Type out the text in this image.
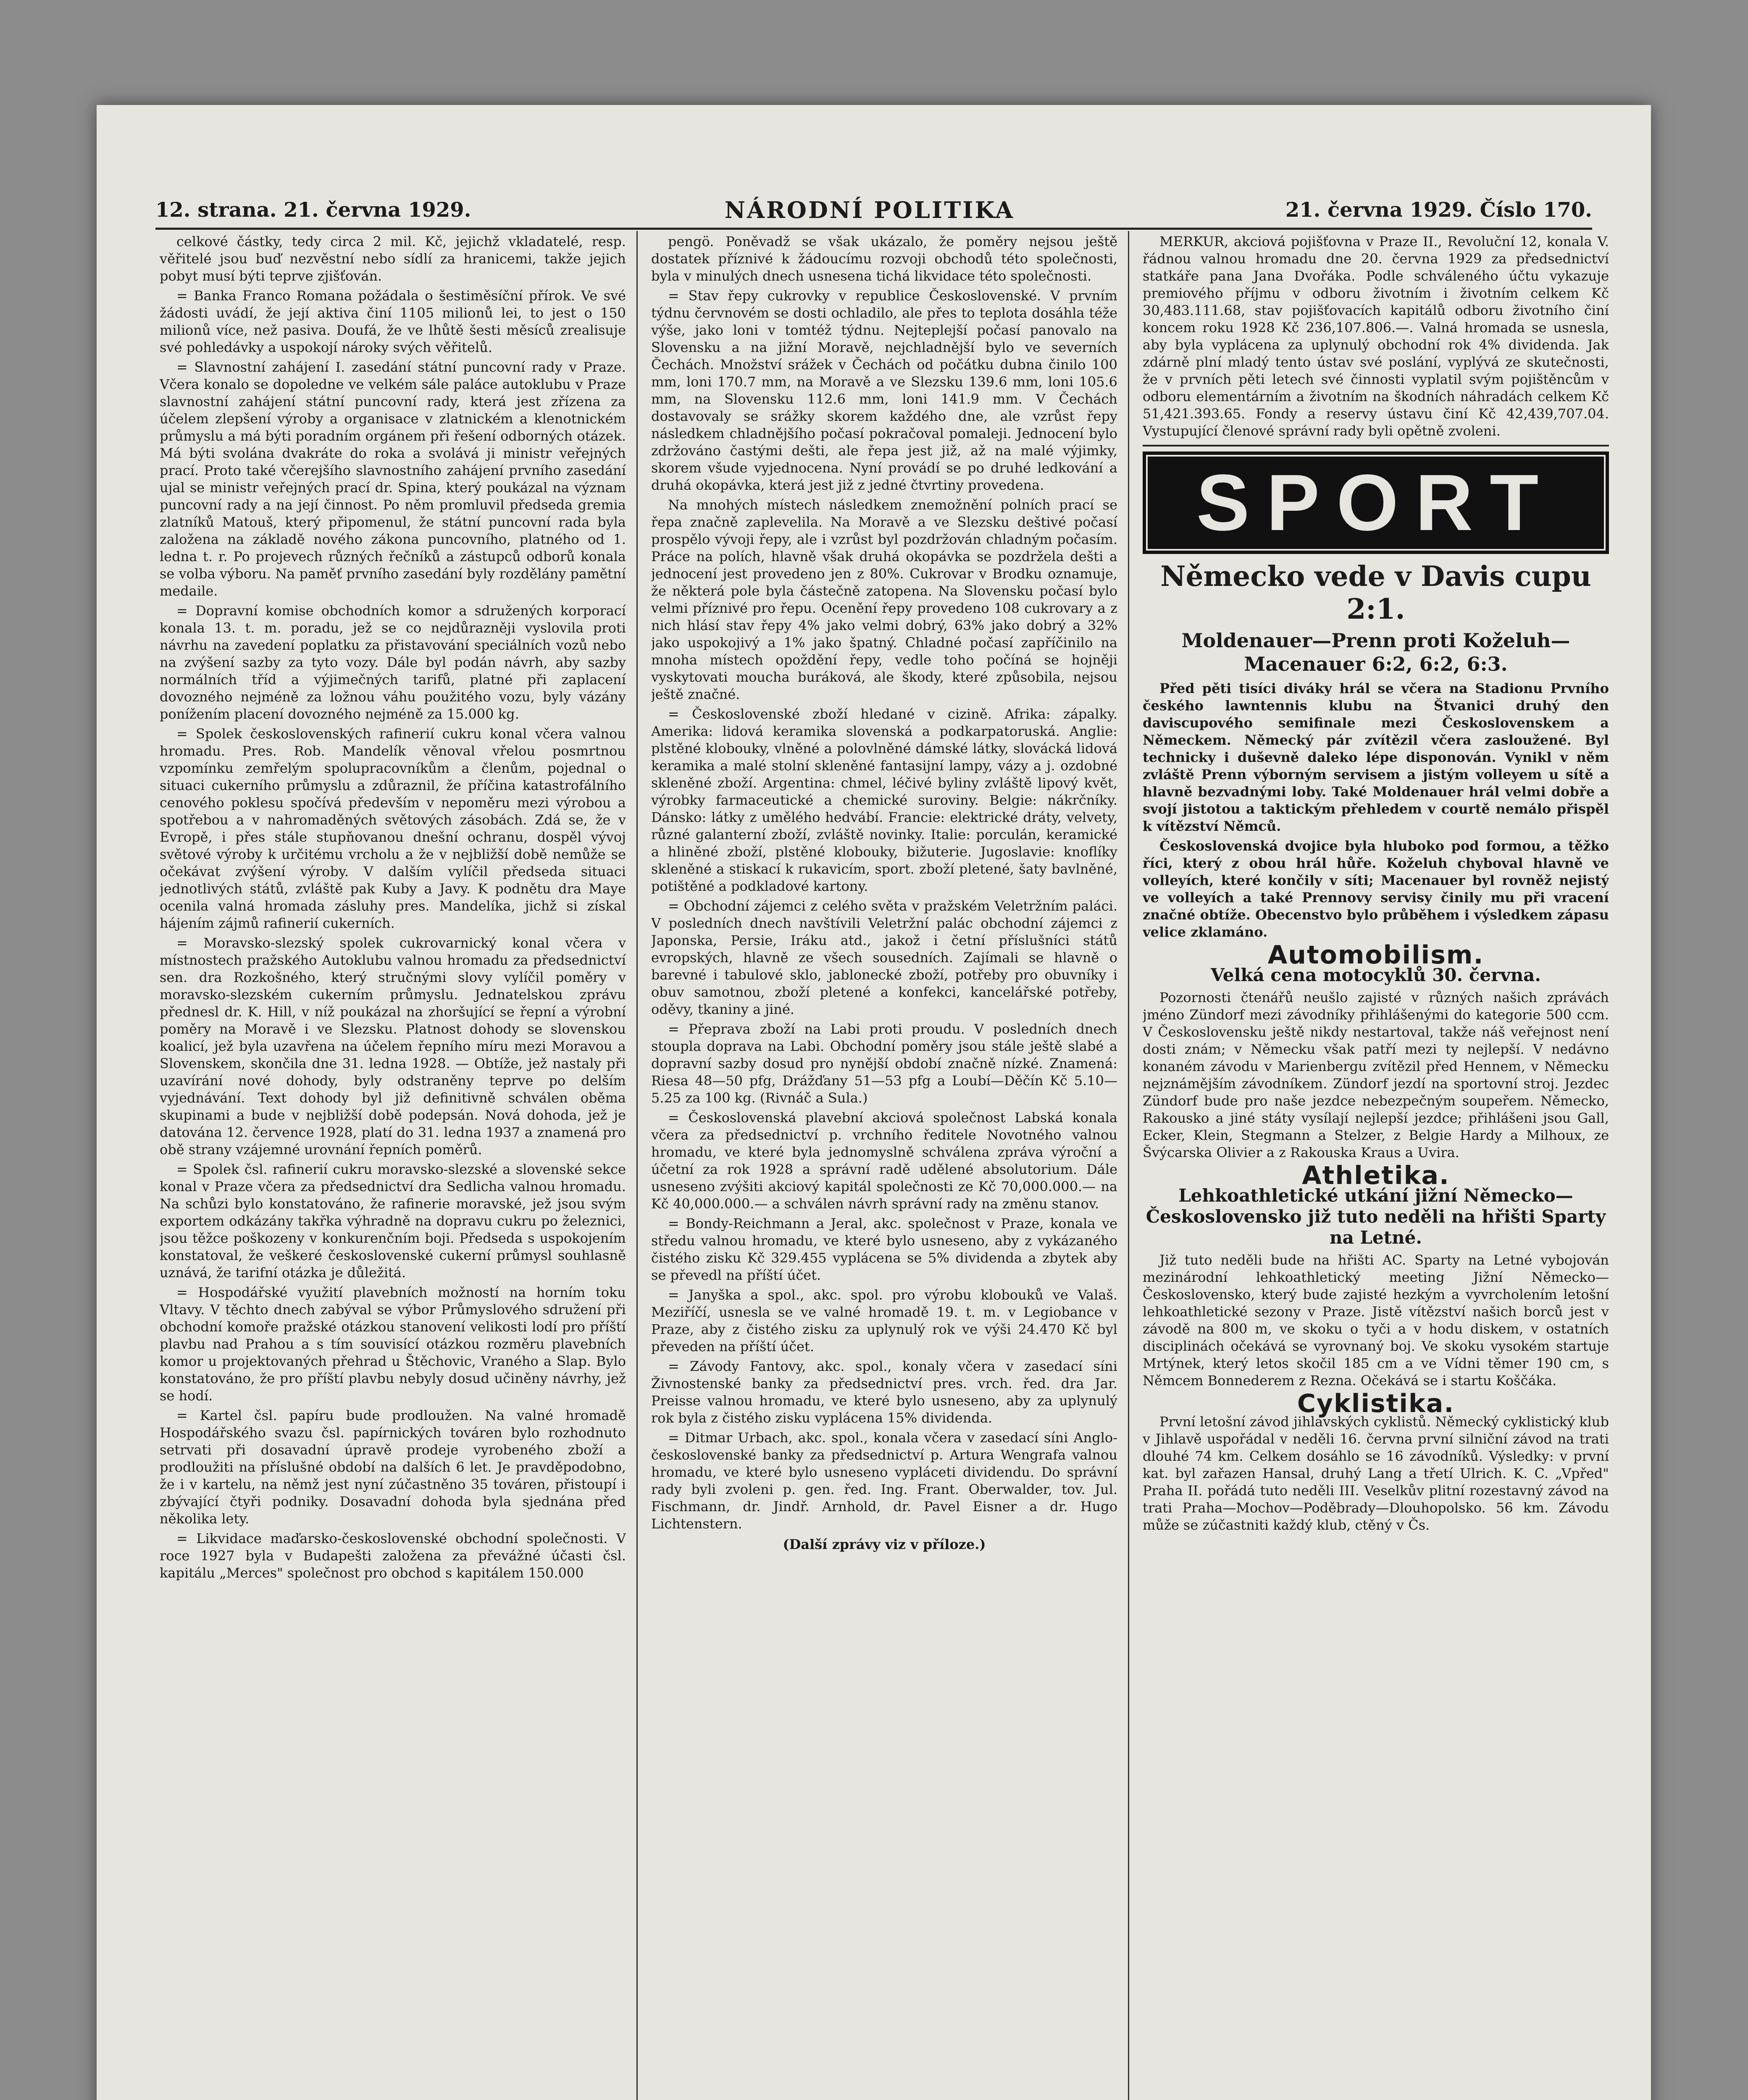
12. strana. 21. června 1929.	NÁRODNÍ POLITIKA	21. června 1929. Číslo 170.

celkové částky, tedy circa 2 mil. Kč, jejichž vkladatelé, resp. věřitelé jsou buď nezvěstní nebo sídlí za hranicemi, takže jejich pobyt musí býti teprve zjišťován.

= Banka Franco Romana požádala o šestiměsíční přírok. Ve své žádosti uvádí, že její aktiva činí 1105 milionů lei, to jest o 150 milionů více, než pasiva. Doufá, že ve lhůtě šesti měsíců zrealisuje své pohledávky a uspokojí nároky svých věřitelů.

= Slavnostní zahájení I. zasedání státní puncovní rady v Praze. Včera konalo se dopoledne ve velkém sále paláce autoklubu v Praze slavnostní zahájení státní puncovní rady, která jest zřízena za účelem zlepšení výroby a organisace v zlatnickém a klenotnickém průmyslu a má býti poradním orgánem při řešení odborných otázek. Má býti svolána dvakráte do roka a svolává ji ministr veřejných prací. Proto také včerejšího slavnostního zahájení prvního zasedání ujal se ministr veřejných prací dr. Spina, který poukázal na význam puncovní rady a na její činnost. Po něm promluvil předseda gremia zlatníků Matouš, který připomenul, že státní puncovní rada byla založena na základě nového zákona puncovního, platného od 1. ledna t. r. Po projevech různých řečníků a zástupců odborů konala se volba výboru. Na paměť prvního zasedání byly rozdělány pamětní medaile.

= Dopravní komise obchodních komor a sdružených korporací konala 13. t. m. poradu, jež se co nejdůrazněji vyslovila proti návrhu na zavedení poplatku za přistavování speciálních vozů nebo na zvýšení sazby za tyto vozy. Dále byl podán návrh, aby sazby normálních tříd a výjimečných tarifů, platné při zaplacení dovozného nejméně za ložnou váhu použitého vozu, byly vázány ponížením placení dovozného nejméně za 15.000 kg.

= Spolek československých rafinerií cukru konal včera valnou hromadu. Pres. Rob. Mandelík věnoval vřelou posmrtnou vzpomínku zemřelým spolupracovníkům a členům, pojednal o situaci cukerního průmyslu a zdůraznil, že příčina katastrofálního cenového poklesu spočívá především v nepoměru mezi výrobou a spotřebou a v nahromaděných světových zásobách. Zdá se, že v Evropě, i přes stále stupňovanou dnešní ochranu, dospěl vývoj světové výroby k určitému vrcholu a že v nejbližší době nemůže se očekávat zvýšení výroby. V dalším vylíčil předseda situaci jednotlivých států, zvláště pak Kuby a Javy. K podnětu dra Maye ocenila valná hromada zásluhy pres. Mandelíka, jichž si získal hájením zájmů rafinerií cukerních.

= Moravsko-slezský spolek cukrovarnický konal včera v místnostech pražského Autoklubu valnou hromadu za předsednictví sen. dra Rozkošného, který stručnými slovy vylíčil poměry v moravsko-slezském cukerním průmyslu. Jednatelskou zprávu přednesl dr. K. Hill, v níž poukázal na zhoršující se řepní a výrobní poměry na Moravě i ve Slezsku. Platnost dohody se slovenskou koalicí, jež byla uzavřena na účelem řepního míru mezi Moravou a Slovenskem, skončila dne 31. ledna 1928. — Obtíže, jež nastaly při uzavírání nové dohody, byly odstraněny teprve po delším vyjednávání. Text dohody byl již definitivně schválen oběma skupinami a bude v nejbližší době podepsán. Nová dohoda, jež je datována 12. července 1928, platí do 31. ledna 1937 a znamená pro obě strany vzájemné urovnání řepních poměrů.

= Spolek čsl. rafinerií cukru moravsko-slezské a slovenské sekce konal v Praze včera za předsednictví dra Sedlicha valnou hromadu. Na schůzi bylo konstatováno, že rafinerie moravské, jež jsou svým exportem odkázány takřka výhradně na dopravu cukru po železnici, jsou těžce poškozeny v konkurenčním boji. Předseda s uspokojením konstatoval, že veškeré československé cukerní průmysl souhlasně uznává, že tarifní otázka je důležitá.

= Hospodářské využití plavebních možností na horním toku Vltavy. V těchto dnech zabýval se výbor Průmyslového sdružení při obchodní komoře pražské otázkou stanovení velikosti lodí pro příští plavbu nad Prahou a s tím souvisící otázkou rozměru plavebních komor u projektovaných přehrad u Štěchovic, Vraného a Slap. Bylo konstatováno, že pro příští plavbu nebyly dosud učiněny návrhy, jež se hodí.

= Kartel čsl. papíru bude prodloužen. Na valné hromadě Hospodářského svazu čsl. papírnických továren bylo rozhodnuto setrvati při dosavadní úpravě prodeje vyrobeného zboží a prodloužiti na příslušné období na dalších 6 let. Je pravděpodobno, že i v kartelu, na němž jest nyní zúčastněno 35 továren, přistoupí i zbývající čtyři podniky. Dosavadní dohoda byla sjednána před několika lety.

= Likvidace maďarsko-československé obchodní společnosti. V roce 1927 byla v Budapešti založena za převážné účasti čsl. kapitálu „Merces" společnost pro obchod s kapitálem 150.000

pengö. Poněvadž se však ukázalo, že poměry nejsou ještě dostatek příznivé k žádoucímu rozvoji obchodů této společnosti, byla v minulých dnech usnesena tichá likvidace této společnosti.

= Stav řepy cukrovky v republice Československé. V prvním týdnu červnovém se dosti ochladilo, ale přes to teplota dosáhla téže výše, jako loni v tomtéž týdnu. Nejteplejší počasí panovalo na Slovensku a na jižní Moravě, nejchladnější bylo ve severních Čechách. Množství srážek v Čechách od počátku dubna činilo 100 mm, loni 170.7 mm, na Moravě a ve Slezsku 139.6 mm, loni 105.6 mm, na Slovensku 112.6 mm, loni 141.9 mm. V Čechách dostavovaly se srážky skorem každého dne, ale vzrůst řepy následkem chladnějšího počasí pokračoval pomaleji. Jednocení bylo zdržováno častými dešti, ale řepa jest již, až na malé výjimky, skorem všude vyjednocena. Nyní provádí se po druhé ledkování a druhá okopávka, která jest již z jedné čtvrtiny provedena.

Na mnohých místech následkem znemožnění polních prací se řepa značně zaplevelila. Na Moravě a ve Slezsku deštivé počasí prospělo vývoji řepy, ale i vzrůst byl pozdržován chladným počasím. Práce na polích, hlavně však druhá okopávka se pozdržela dešti a jednocení jest provedeno jen z 80%. Cukrovar v Brodku oznamuje, že některá pole byla částečně zatopena. Na Slovensku počasí bylo velmi příznivé pro řepu. Ocenění řepy provedeno 108 cukrovary a z nich hlásí stav řepy 4% jako velmi dobrý, 63% jako dobrý a 32% jako uspokojivý a 1% jako špatný. Chladné počasí zapříčinilo na mnoha místech opoždění řepy, vedle toho počíná se hojněji vyskytovati moucha buráková, ale škody, které způsobila, nejsou ještě značné.

= Československé zboží hledané v cizině. Afrika: zápalky. Amerika: lidová keramika slovenská a podkarpatoruská. Anglie: plstěné klobouky, vlněné a polovlněné dámské látky, slovácká lidová keramika a malé stolní skleněné fantasijní lampy, vázy a j. ozdobné skleněné zboží. Argentina: chmel, léčivé byliny zvláště lipový květ, výrobky farmaceutické a chemické suroviny. Belgie: nákrčníky. Dánsko: látky z umělého hedvábí. Francie: elektrické dráty, velvety, různé galanterní zboží, zvláště novinky. Italie: porculán, keramické a hliněné zboží, plstěné klobouky, bižuterie. Jugoslavie: knoflíky skleněné a stiskací k rukavicím, sport. zboží pletené, šaty bavlněné, potištěné a podkladové kartony.

= Obchodní zájemci z celého světa v pražském Veletržním paláci. V posledních dnech navštívili Veletržní palác obchodní zájemci z Japonska, Persie, Iráku atd., jakož i četní příslušníci států evropských, hlavně ze všech sousedních. Zajímali se hlavně o barevné i tabulové sklo, jablonecké zboží, potřeby pro obuvníky i obuv samotnou, zboží pletené a konfekci, kancelářské potřeby, oděvy, tkaniny a jiné.

= Přeprava zboží na Labi proti proudu. V posledních dnech stoupla doprava na Labi. Obchodní poměry jsou stále ještě slabé a dopravní sazby dosud pro nynější období značně nízké. Znamená: Riesa 48—50 pfg, Drážďany 51—53 pfg a Loubí—Děčín Kč 5.10—5.25 za 100 kg. (Rivnáč a Sula.)

= Československá plavební akciová společnost Labská konala včera za předsednictví p. vrchního ředitele Novotného valnou hromadu, ve které byla jednomyslně schválena zpráva výroční a účetní za rok 1928 a správní radě udělené absolutorium. Dále usneseno zvýšiti akciový kapitál společnosti ze Kč 70,000.000.— na Kč 40,000.000.— a schválen návrh správní rady na změnu stanov.

= Bondy-Reichmann a Jeral, akc. společnost v Praze, konala ve středu valnou hromadu, ve které bylo usneseno, aby z vykázaného čistého zisku Kč 329.455 vyplácena se 5% dividenda a zbytek aby se převedl na příští účet.

= Janyška a spol., akc. spol. pro výrobu klobouků ve Valaš. Meziříčí, usnesla se ve valné hromadě 19. t. m. v Legiobance v Praze, aby z čistého zisku za uplynulý rok ve výši 24.470 Kč byl převeden na příští účet.

= Závody Fantovy, akc. spol., konaly včera v zasedací síni Živnostenské banky za předsednictví pres. vrch. řed. dra Jar. Preisse valnou hromadu, ve které bylo usneseno, aby za uplynulý rok byla z čistého zisku vyplácena 15% dividenda.

= Ditmar Urbach, akc. spol., konala včera v zasedací síni Anglo-československé banky za předsednictví p. Artura Wengrafa valnou hromadu, ve které bylo usneseno vypláceti dividendu. Do správní rady byli zvoleni p. gen. řed. Ing. Frant. Oberwalder, tov. Jul. Fischmann, dr. Jindř. Arnhold, dr. Pavel Eisner a dr. Hugo Lichtenstern.

(Další zprávy viz v příloze.)

MERKUR, akciová pojišťovna v Praze II., Revoluční 12, konala V. řádnou valnou hromadu dne 20. června 1929 za předsednictví statkáře pana Jana Dvořáka. Podle schváleného účtu vykazuje premiového příjmu v odboru životním i životním celkem Kč 30,483.111.68, stav pojišťovacích kapitálů odboru životního činí koncem roku 1928 Kč 236,107.806.—. Valná hromada se usnesla, aby byla vyplácena za uplynulý obchodní rok 4% dividenda. Jak zdárně plní mladý tento ústav své poslání, vyplývá ze skutečnosti, že v prvních pěti letech své činnosti vyplatil svým pojištěncům v odboru elementárním a životním na škodních náhradách celkem Kč 51,421.393.65. Fondy a reservy ústavu činí Kč 42,439,707.04. Vystupující členové správní rady byli opětně zvoleni.

SPORT
Německo vede v Davis cupu 2:1.
Moldenauer—Prenn proti Koželuh—Macenauer 6:2, 6:2, 6:3.

Před pěti tisíci diváky hrál se včera na Stadionu Prvního českého lawntennis klubu na Štvanici druhý den daviscupového semifinale mezi Československem a Německem. Německý pár zvítězil včera zasloužené. Byl technicky i duševně daleko lépe disponován. Vynikl v něm zvláště Prenn výborným servisem a jistým volleyem u sítě a hlavně bezvadnými loby. Také Moldenauer hrál velmi dobře a svojí jistotou a taktickým přehledem v courtě nemálo přispěl k vítězství Němců.

Československá dvojice byla hluboko pod formou, a těžko říci, který z obou hrál hůře. Koželuh chyboval hlavně ve volleyích, které končily v síti; Macenauer byl rovněž nejistý ve volleyích a také Prennovy servisy činily mu při vracení značné obtíže. Obecenstvo bylo průběhem i výsledkem zápasu velice zklamáno.

Automobilism.
Velká cena motocyklů 30. června.

Pozornosti čtenářů neušlo zajisté v různých našich zprávách jméno Zündorf mezi závodníky přihlášenými do kategorie 500 ccm. V Československu ještě nikdy nestartoval, takže náš veřejnost není dosti znám; v Německu však patří mezi ty nejlepší. V nedávno konaném závodu v Marienbergu zvítězil před Hennem, v Německu nejznámějším závodníkem. Zündorf jezdí na sportovní stroj. Jezdec Zündorf bude pro naše jezdce nebezpečným soupeřem. Německo, Rakousko a jiné státy vysílají nejlepší jezdce; přihlášeni jsou Gall, Ecker, Klein, Stegmann a Stelzer, z Belgie Hardy a Milhoux, ze Švýcarska Olivier a z Rakouska Kraus a Uvira.

Athletika.
Lehkoathletické utkání jižní Německo—Československo již tuto neděli na hřišti Sparty na Letné.

Již tuto neděli bude na hřišti AC. Sparty na Letné vybojován mezinárodní lehkoathletický meeting Jižní Německo—Československo, který bude zajisté hezkým a vyvrcholením letošní lehkoathletické sezony v Praze. Jistě vítězství našich borců jest v závodě na 800 m, ve skoku o tyči a v hodu diskem, v ostatních disciplinách očekává se vyrovnaný boj. Ve skoku vysokém startuje Mrtýnek, který letos skočil 185 cm a ve Vídni těmer 190 cm, s Němcem Bonnederem z Rezna. Očekává se i startu Koščáka.

Cyklistika.

První letošní závod jihlavských cyklistů. Německý cyklistický klub v Jihlavě uspořádal v neděli 16. června první silniční závod na trati dlouhé 74 km. Celkem dosáhlo se 16 závodníků. Výsledky: v první kat. byl zařazen Hansal, druhý Lang a třetí Ulrich. K. C. „Vpřed" Praha II. pořádá tuto neděli III. Veselkův plitní rozestavný závod na trati Praha—Mochov—Poděbrady—Dlouhopolsko. 56 km. Závodu může se zúčastniti každý klub, ctěný v Čs.
